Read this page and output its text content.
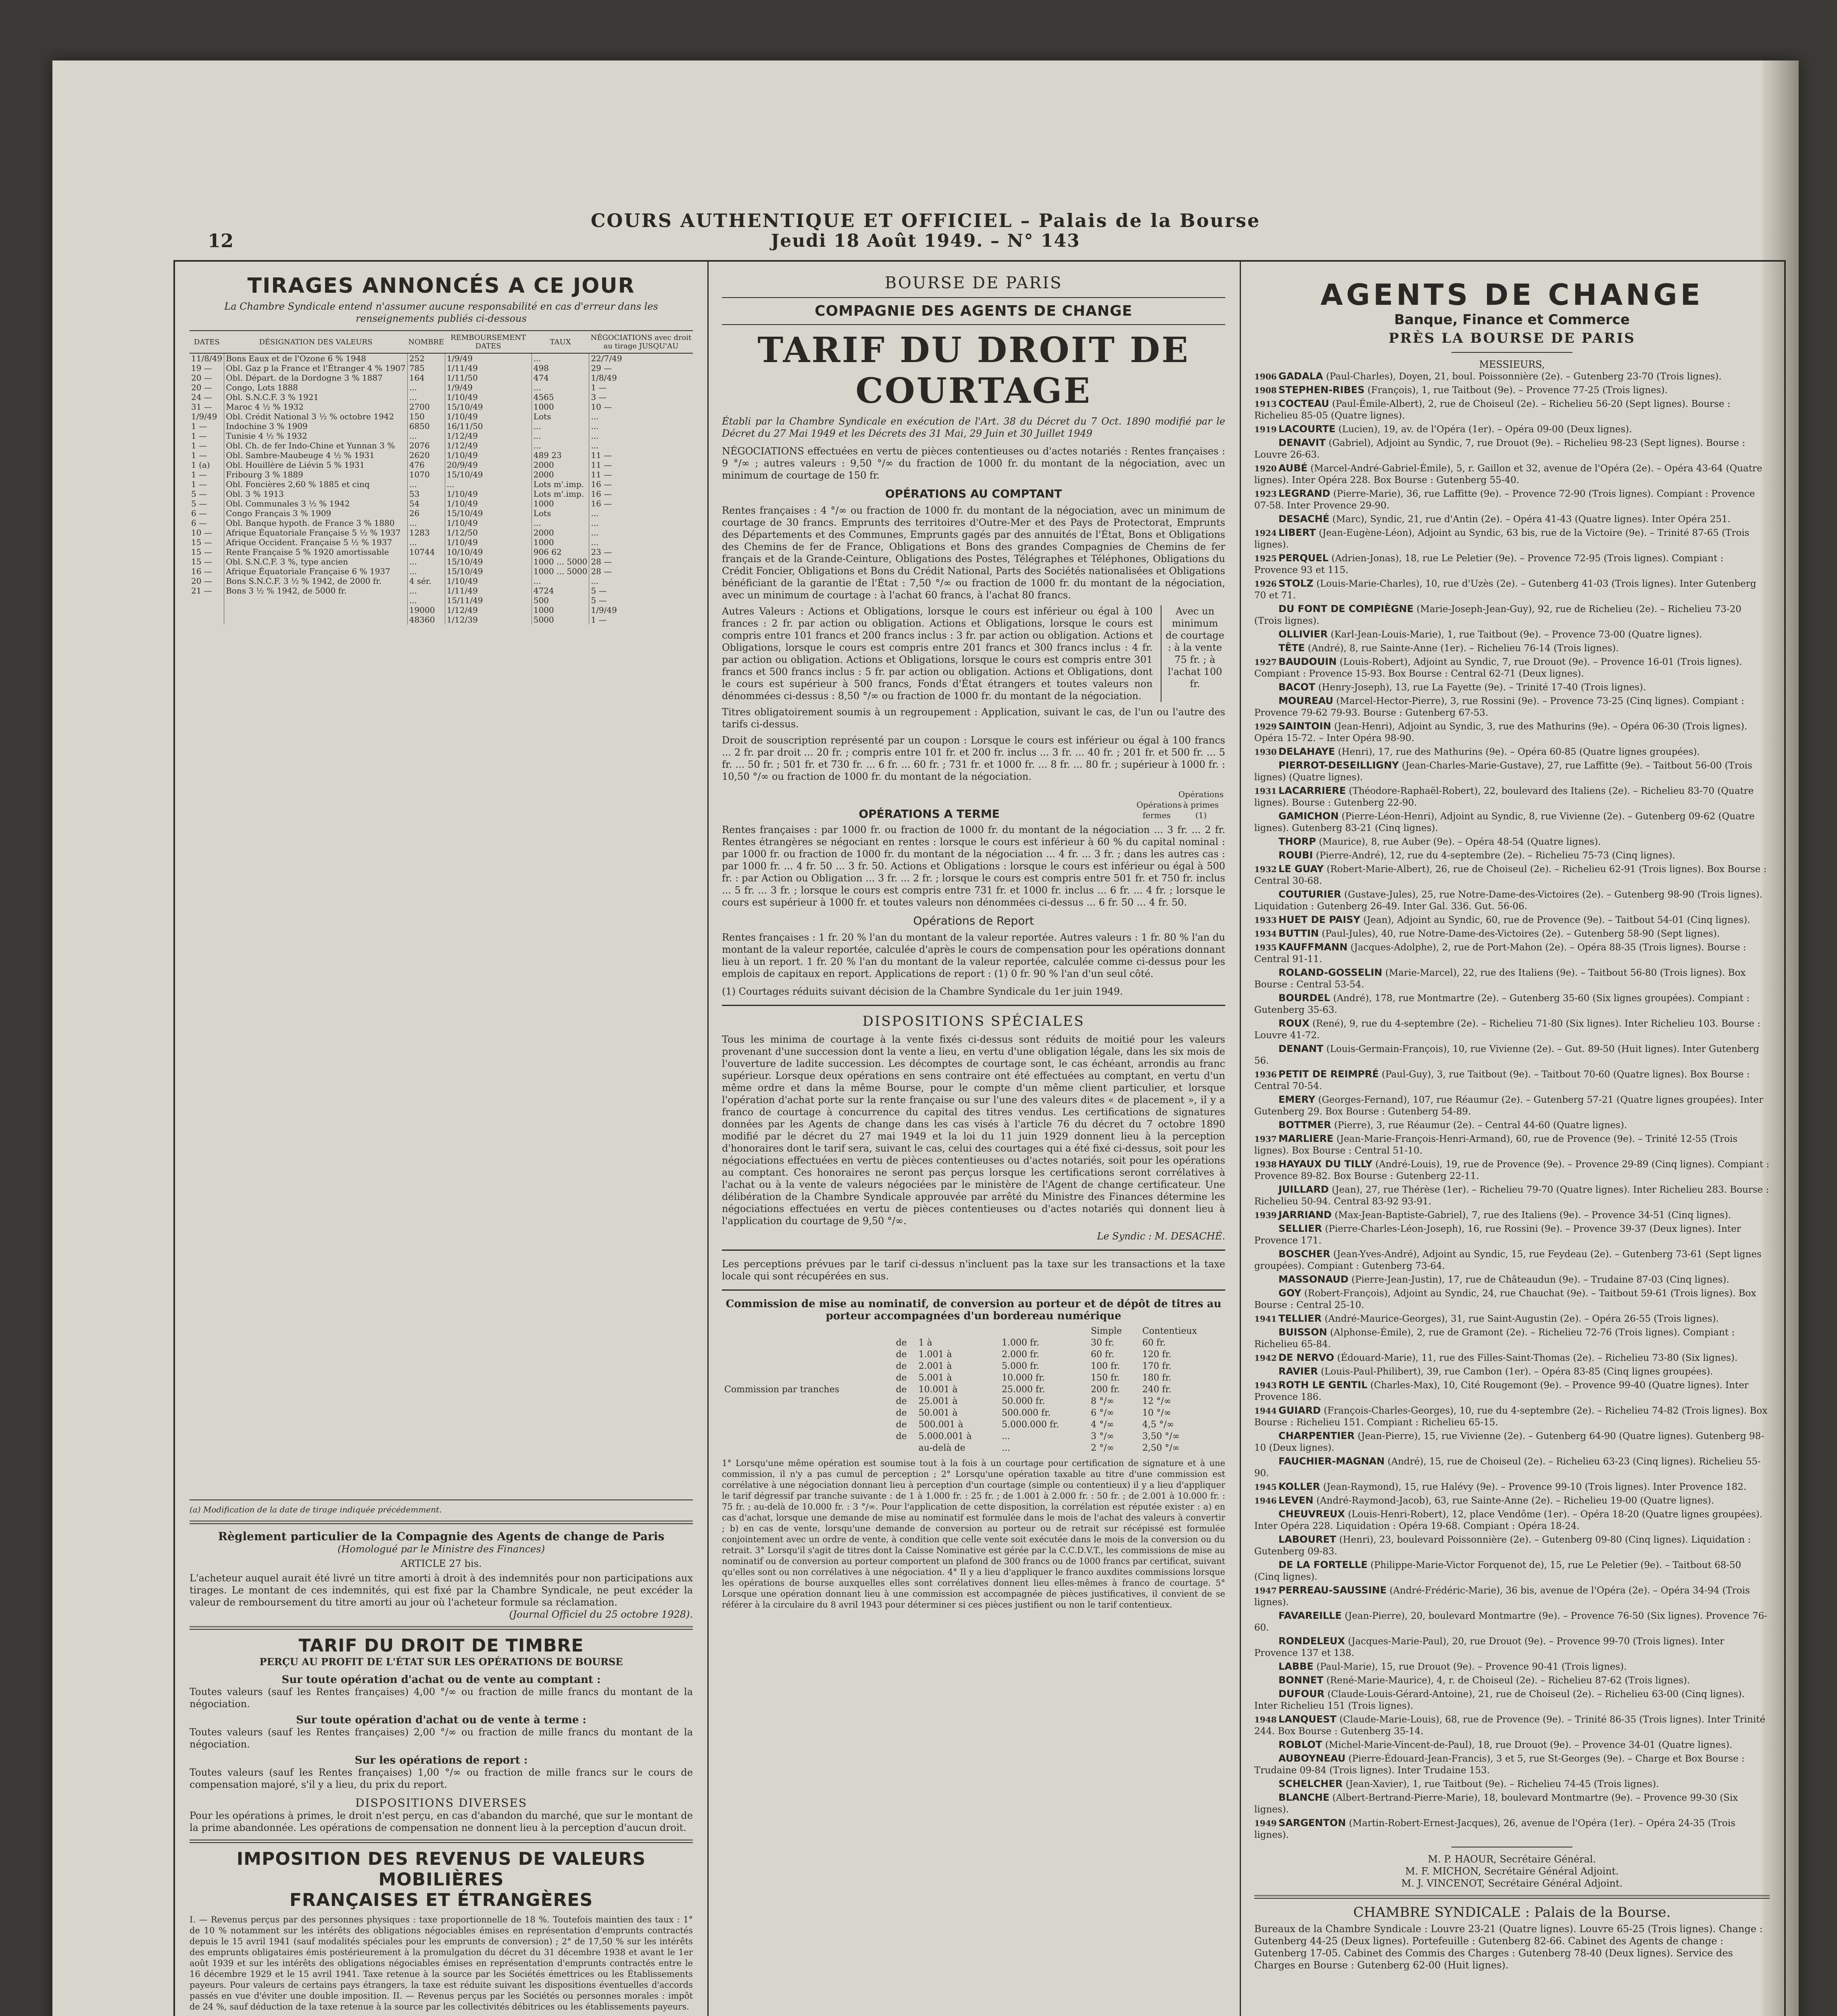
12
COURS AUTHENTIQUE ET OFFICIEL – Palais de la Bourse
Jeudi 18 Août 1949. – N° 143
TIRAGES ANNONCÉS A CE JOUR
La Chambre Syndicale entend n'assumer aucune responsabilité en cas d'erreur dans les renseignements publiés ci-dessous
DATES	DÉSIGNATION DES VALEURS	NOMBRE	REMBOURSEMENT DATES	TAUX	NÉGOCIATIONS avec droit au tirage JUSQU'AU
11/8/49	Bons Eaux et de l'Ozone 6 % 1948	252	1/9/49	...	22/7/49
19 —	Obl. Gaz p la France et l'Étranger 4 % 1907	785	1/11/49	498	29 —
20 —	Obl. Départ. de la Dordogne 3 % 1887	164	1/11/50	474	1/8/49
20 —	Congo, Lots 1888	...	1/9/49	...	1 —
24 —	Obl. S.N.C.F. 3 % 1921	...	1/10/49	4565	3 —
31 —	Maroc 4 ½ % 1932	2700	15/10/49	1000	10 —
1/9/49	Obl. Crédit National 3 ½ % octobre 1942	150	1/10/49	Lots	...
1 —	Indochine 3 % 1909	6850	16/11/50	...	...
1 —	Tunisie 4 ½ % 1932	...	1/12/49	...	...
1 —	Obl. Ch. de fer Indo-Chine et Yunnan 3 %	2076	1/12/49	...	...
1 —	Obl. Sambre-Maubeuge 4 ½ % 1931	2620	1/10/49	489 23	11 —
1 (a)	Obl. Houillère de Liévin 5 % 1931	476	20/9/49	2000	11 —
1 —	Fribourg 3 % 1889	1070	15/10/49	2000	11 —
1 —	Obl. Foncières 2,60 % 1885 et cinq	...	...	Lots m'.imp.	16 —
5 —	Obl. 3 % 1913	53	1/10/49	Lots m'.imp.	16 —
5 —	Obl. Communales 3 ½ % 1942	54	1/10/49	1000	16 —
6 —	Congo Français 3 % 1909	26	15/10/49	Lots	...
6 —	Obl. Banque hypoth. de France 3 % 1880	...	1/10/49	...	...
10 —	Afrique Équatoriale Française 5 ½ % 1937	1283	1/12/50	2000	...
15 —	Afrique Occident. Française 5 ½ % 1937	...	1/10/49	1000	...
15 —	Rente Française 5 % 1920 amortissable	10744	10/10/49	906 62	23 —
15 —	Obl. S.N.C.F. 3 %, type ancien	...	15/10/49	1000 ... 5000	28 —
16 —	Afrique Équatoriale Française 6 % 1937	...	15/10/49	1000 ... 5000	28 —
20 —	Bons S.N.C.F. 3 ½ % 1942, de 2000 fr.	4 sér.	1/10/49	...	...
21 —	Bons 3 ½ % 1942, de 5000 fr.	...	1/11/49	4724	5 —
		...	15/11/49	500	5 —
		19000	1/12/49	1000	1/9/49
		48360	1/12/39	5000	1 —
(a) Modification de la date de tirage indiquée précédemment.
Règlement particulier de la Compagnie des Agents de change de Paris
(Homologué par le Ministre des Finances)
ARTICLE 27 bis.
L'acheteur auquel aurait été livré un titre amorti à droit à des indemnités pour non participations aux tirages. Le montant de ces indemnités, qui est fixé par la Chambre Syndicale, ne peut excéder la valeur de remboursement du titre amorti au jour où l'acheteur formule sa réclamation.
(Journal Officiel du 25 octobre 1928).
TARIF DU DROIT DE TIMBRE
PERÇU AU PROFIT DE L'ÉTAT SUR LES OPÉRATIONS DE BOURSE
Sur toute opération d'achat ou de vente au comptant :
Toutes valeurs (sauf les Rentes françaises) 4,00 °/∞ ou fraction de mille francs du montant de la négociation.
Sur toute opération d'achat ou de vente à terme :
Toutes valeurs (sauf les Rentes françaises) 2,00 °/∞ ou fraction de mille francs du montant de la négociation.
Sur les opérations de report :
Toutes valeurs (sauf les Rentes françaises) 1,00 °/∞ ou fraction de mille francs sur le cours de compensation majoré, s'il y a lieu, du prix du report.
DISPOSITIONS DIVERSES
Pour les opérations à primes, le droit n'est perçu, en cas d'abandon du marché, que sur le montant de la prime abandonnée. Les opérations de compensation ne donnent lieu à la perception d'aucun droit.
IMPOSITION DES REVENUS DE VALEURS MOBILIÈRES
FRANÇAISES ET ÉTRANGÈRES
I. — Revenus perçus par des personnes physiques : taxe proportionnelle de 18 %. Toutefois maintien des taux : 1° de 10 % notamment sur les intérêts des obligations négociables émises en représentation d'emprunts contractés depuis le 15 avril 1941 (sauf modalités spéciales pour les emprunts de conversion) ; 2° de 17,50 % sur les intérêts des emprunts obligataires émis postérieurement à la promulgation du décret du 31 décembre 1938 et avant le 1er août 1939 et sur les intérêts des obligations négociables émises en représentation d'emprunts contractés entre le 16 décembre 1929 et le 15 avril 1941. Taxe retenue à la source par les Sociétés émettrices ou les Établissements payeurs. Pour valeurs de certains pays étrangers, la taxe est réduite suivant les dispositions éventuelles d'accords passés en vue d'éviter une double imposition. II. — Revenus perçus par les Sociétés ou personnes morales : impôt de 24 %, sauf déduction de la taxe retenue à la source par les collectivités débitrices ou les établissements payeurs.
BOURSE DE PARIS
COMPAGNIE DES AGENTS DE CHANGE
TARIF DU DROIT DE COURTAGE
Établi par la Chambre Syndicale en exécution de l'Art. 38 du Décret du 7 Oct. 1890 modifié par le Décret du 27 Mai 1949 et les Décrets des 31 Mai, 29 Juin et 30 Juillet 1949
NÉGOCIATIONS effectuées en vertu de pièces contentieuses ou d'actes notariés : Rentes françaises : 9 °/∞ ; autres valeurs : 9,50 °/∞ du fraction de 1000 fr. du montant de la négociation, avec un minimum de courtage de 150 fr.
OPÉRATIONS AU COMPTANT
Rentes françaises : 4 °/∞ ou fraction de 1000 fr. du montant de la négociation, avec un minimum de courtage de 30 francs. Emprunts des territoires d'Outre-Mer et des Pays de Protectorat, Emprunts des Départements et des Communes, Emprunts gagés par des annuités de l'État, Bons et Obligations des Chemins de fer de France, Obligations et Bons des grandes Compagnies de Chemins de fer français et de la Grande-Ceinture, Obligations des Postes, Télégraphes et Téléphones, Obligations du Crédit Foncier, Obligations et Bons du Crédit National, Parts des Sociétés nationalisées et Obligations bénéficiant de la garantie de l'État : 7,50 °/∞ ou fraction de 1000 fr. du montant de la négociation, avec un minimum de courtage : à l'achat 60 francs, à l'achat 80 francs.
Autres Valeurs : Actions et Obligations, lorsque le cours est inférieur ou égal à 100 frances : 2 fr. par action ou obligation. Actions et Obligations, lorsque le cours est compris entre 101 francs et 200 francs inclus : 3 fr. par action ou obligation. Actions et Obligations, lorsque le cours est compris entre 201 francs et 300 francs inclus : 4 fr. par action ou obligation. Actions et Obligations, lorsque le cours est compris entre 301 francs et 500 francs inclus : 5 fr. par action ou obligation. Actions et Obligations, dont le cours est supérieur à 500 francs, Fonds d'État étrangers et toutes valeurs non dénommées ci-dessus : 8,50 °/∞ ou fraction de 1000 fr. du montant de la négociation.
Avec un minimum de courtage : à la vente 75 fr. ; à l'achat 100 fr.
Titres obligatoirement soumis à un regroupement : Application, suivant le cas, de l'un ou l'autre des tarifs ci-dessus.
Droit de souscription représenté par un coupon : Lorsque le cours est inférieur ou égal à 100 francs ... 2 fr. par droit ... 20 fr. ; compris entre 101 fr. et 200 fr. inclus ... 3 fr. ... 40 fr. ; 201 fr. et 500 fr. ... 5 fr. ... 50 fr. ; 501 fr. et 730 fr. ... 6 fr. ... 60 fr. ; 731 fr. et 1000 fr. ... 8 fr. ... 80 fr. ; supérieur à 1000 fr. : 10,50 °/∞ ou fraction de 1000 fr. du montant de la négociation.
OPÉRATIONS A TERME
Opérations fermes
Opérations à primes (1)
Rentes françaises : par 1000 fr. ou fraction de 1000 fr. du montant de la négociation ... 3 fr. ... 2 fr. Rentes étrangères se négociant en rentes : lorsque le cours est inférieur à 60 % du capital nominal : par 1000 fr. ou fraction de 1000 fr. du montant de la négociation ... 4 fr. ... 3 fr. ; dans les autres cas : par 1000 fr. ... 4 fr. 50 ... 3 fr. 50. Actions et Obligations : lorsque le cours est inférieur ou égal à 500 fr. : par Action ou Obligation ... 3 fr. ... 2 fr. ; lorsque le cours est compris entre 501 fr. et 750 fr. inclus ... 5 fr. ... 3 fr. ; lorsque le cours est compris entre 731 fr. et 1000 fr. inclus ... 6 fr. ... 4 fr. ; lorsque le cours est supérieur à 1000 fr. et toutes valeurs non dénommées ci-dessus ... 6 fr. 50 ... 4 fr. 50.
Opérations de Report
Rentes françaises : 1 fr. 20 % l'an du montant de la valeur reportée. Autres valeurs : 1 fr. 80 % l'an du montant de la valeur reportée, calculée d'après le cours de compensation pour les opérations donnant lieu à un report. 1 fr. 20 % l'an du montant de la valeur reportée, calculée comme ci-dessus pour les emplois de capitaux en report. Applications de report : (1) 0 fr. 90 % l'an d'un seul côté.
(1) Courtages réduits suivant décision de la Chambre Syndicale du 1er juin 1949.
DISPOSITIONS SPÉCIALES
Tous les minima de courtage à la vente fixés ci-dessus sont réduits de moitié pour les valeurs provenant d'une succession dont la vente a lieu, en vertu d'une obligation légale, dans les six mois de l'ouverture de ladite succession. Les décomptes de courtage sont, le cas échéant, arrondis au franc supérieur. Lorsque deux opérations en sens contraire ont été effectuées au comptant, en vertu d'un même ordre et dans la même Bourse, pour le compte d'un même client particulier, et lorsque l'opération d'achat porte sur la rente française ou sur l'une des valeurs dites « de placement », il y a franco de courtage à concurrence du capital des titres vendus. Les certifications de signatures données par les Agents de change dans les cas visés à l'article 76 du décret du 7 octobre 1890 modifié par le décret du 27 mai 1949 et la loi du 11 juin 1929 donnent lieu à la perception d'honoraires dont le tarif sera, suivant le cas, celui des courtages qui a été fixé ci-dessus, soit pour les négociations effectuées en vertu de pièces contentieuses ou d'actes notariés, soit pour les opérations au comptant. Ces honoraires ne seront pas perçus lorsque les certifications seront corrélatives à l'achat ou à la vente de valeurs négociées par le ministère de l'Agent de change certificateur. Une délibération de la Chambre Syndicale approuvée par arrêté du Ministre des Finances détermine les négociations effectuées en vertu de pièces contentieuses ou d'actes notariés qui donnent lieu à l'application du courtage de 9,50 °/∞.
Le Syndic : M. DESACHÉ.
Les perceptions prévues par le tarif ci-dessus n'incluent pas la taxe sur les transactions et la taxe locale qui sont récupérées en sus.
Commission de mise au nominatif, de conversion au porteur et de dépôt de titres au porteur accompagnées d'un bordereau numérique
				Simple	Contentieux
	de	1 à	1.000 fr.	30 fr.	60 fr.
	de	1.001 à	2.000 fr.	60 fr.	120 fr.
	de	2.001 à	5.000 fr.	100 fr.	170 fr.
	de	5.001 à	10.000 fr.	150 fr.	180 fr.
Commission par tranches	de	10.001 à	25.000 fr.	200 fr.	240 fr.
	de	25.001 à	50.000 fr.	8 °/∞	12 °/∞
	de	50.001 à	500.000 fr.	6 °/∞	10 °/∞
	de	500.001 à	5.000.000 fr.	4 °/∞	4,5 °/∞
	de	5.000.001 à	...	3 °/∞	3,50 °/∞
		au-delà de	...	2 °/∞	2,50 °/∞
1° Lorsqu'une même opération est soumise tout à la fois à un courtage pour certification de signature et à une commission, il n'y a pas cumul de perception ; 2° Lorsqu'une opération taxable au titre d'une commission est corrélative à une négociation donnant lieu à perception d'un courtage (simple ou contentieux) il y a lieu d'appliquer le tarif dégressif par tranche suivante : de 1 à 1.000 fr. : 25 fr. ; de 1.001 à 2.000 fr. : 50 fr. ; de 2.001 à 10.000 fr. : 75 fr. ; au-delà de 10.000 fr. : 3 °/∞. Pour l'application de cette disposition, la corrélation est réputée exister : a) en cas d'achat, lorsque une demande de mise au nominatif est formulée dans le mois de l'achat des valeurs à convertir ; b) en cas de vente, lorsqu'une demande de conversion au porteur ou de retrait sur récépissé est formulée conjointement avec un ordre de vente, à condition que celle vente soit exécutée dans le mois de la conversion ou du retrait. 3° Lorsqu'il s'agit de titres dont la Caisse Nominative est gérée par la C.C.D.V.T., les commissions de mise au nominatif ou de conversion au porteur comportent un plafond de 300 francs ou de 1000 francs par certificat, suivant qu'elles sont ou non corrélatives à une négociation. 4° Il y a lieu d'appliquer le franco auxdites commissions lorsque les opérations de bourse auxquelles elles sont corrélatives donnent lieu elles-mêmes à franco de courtage. 5° Lorsque une opération donnant lieu à une commission est accompagnée de pièces justificatives, il convient de se référer à la circulaire du 8 avril 1943 pour déterminer si ces pièces justifient ou non le tarif contentieux.
AGENTS DE CHANGE
Banque, Finance et Commerce
PRÈS LA BOURSE DE PARIS
MESSIEURS,
1906 GADALA (Paul-Charles), Doyen, 21, boul. Poissonnière (2e). – Gutenberg 23-70 (Trois lignes).
1908 STEPHEN-RIBES (François), 1, rue Taitbout (9e). – Provence 77-25 (Trois lignes).
1913 COCTEAU (Paul-Émile-Albert), 2, rue de Choiseul (2e). – Richelieu 56-20 (Sept lignes). Bourse : Richelieu 85-05 (Quatre lignes).
1919 LACOURTE (Lucien), 19, av. de l'Opéra (1er). – Opéra 09-00 (Deux lignes).
DENAVIT (Gabriel), Adjoint au Syndic, 7, rue Drouot (9e). – Richelieu 98-23 (Sept lignes). Bourse : Louvre 26-63.
1920 AUBÉ (Marcel-André-Gabriel-Émile), 5, r. Gaillon et 32, avenue de l'Opéra (2e). – Opéra 43-64 (Quatre lignes). Inter Opéra 228. Box Bourse : Gutenberg 55-40.
1923 LEGRAND (Pierre-Marie), 36, rue Laffitte (9e). – Provence 72-90 (Trois lignes). Compiant : Provence 07-58. Inter Provence 29-90.
DESACHÉ (Marc), Syndic, 21, rue d'Antin (2e). – Opéra 41-43 (Quatre lignes). Inter Opéra 251.
1924 LIBERT (Jean-Eugène-Léon), Adjoint au Syndic, 63 bis, rue de la Victoire (9e). – Trinité 87-65 (Trois lignes).
1925 PERQUEL (Adrien-Jonas), 18, rue Le Peletier (9e). – Provence 72-95 (Trois lignes). Compiant : Provence 93 et 115.
1926 STOLZ (Louis-Marie-Charles), 10, rue d'Uzès (2e). – Gutenberg 41-03 (Trois lignes). Inter Gutenberg 70 et 71.
DU FONT DE COMPIÈGNE (Marie-Joseph-Jean-Guy), 92, rue de Richelieu (2e). – Richelieu 73-20 (Trois lignes).
OLLIVIER (Karl-Jean-Louis-Marie), 1, rue Taitbout (9e). – Provence 73-00 (Quatre lignes).
TÊTE (André), 8, rue Sainte-Anne (1er). – Richelieu 76-14 (Trois lignes).
1927 BAUDOUIN (Louis-Robert), Adjoint au Syndic, 7, rue Drouot (9e). – Provence 16-01 (Trois lignes). Compiant : Provence 15-93. Box Bourse : Central 62-71 (Deux lignes).
BACOT (Henry-Joseph), 13, rue La Fayette (9e). – Trinité 17-40 (Trois lignes).
MOUREAU (Marcel-Hector-Pierre), 3, rue Rossini (9e). – Provence 73-25 (Cinq lignes). Compiant : Provence 79-62 79-93. Bourse : Gutenberg 67-53.
1929 SAINTOIN (Jean-Henri), Adjoint au Syndic, 3, rue des Mathurins (9e). – Opéra 06-30 (Trois lignes). Opéra 15-72. – Inter Opéra 98-90.
1930 DELAHAYE (Henri), 17, rue des Mathurins (9e). – Opéra 60-85 (Quatre lignes groupées).
PIERROT-DESEILLIGNY (Jean-Charles-Marie-Gustave), 27, rue Laffitte (9e). – Taitbout 56-00 (Trois lignes) (Quatre lignes).
1931 LACARRIERE (Théodore-Raphaël-Robert), 22, boulevard des Italiens (2e). – Richelieu 83-70 (Quatre lignes). Bourse : Gutenberg 22-90.
GAMICHON (Pierre-Léon-Henri), Adjoint au Syndic, 8, rue Vivienne (2e). – Gutenberg 09-62 (Quatre lignes). Gutenberg 83-21 (Cinq lignes).
THORP (Maurice), 8, rue Auber (9e). – Opéra 48-54 (Quatre lignes).
ROUBI (Pierre-André), 12, rue du 4-septembre (2e). – Richelieu 75-73 (Cinq lignes).
1932 LE GUAY (Robert-Marie-Albert), 26, rue de Choiseul (2e). – Richelieu 62-91 (Trois lignes). Box Bourse : Central 30-68.
COUTURIER (Gustave-Jules), 25, rue Notre-Dame-des-Victoires (2e). – Gutenberg 98-90 (Trois lignes). Liquidation : Gutenberg 26-49. Inter Gal. 336. Gut. 56-06.
1933 HUET DE PAISY (Jean), Adjoint au Syndic, 60, rue de Provence (9e). – Taitbout 54-01 (Cinq lignes).
1934 BUTTIN (Paul-Jules), 40, rue Notre-Dame-des-Victoires (2e). – Gutenberg 58-90 (Sept lignes).
1935 KAUFFMANN (Jacques-Adolphe), 2, rue de Port-Mahon (2e). – Opéra 88-35 (Trois lignes). Bourse : Central 91-11.
ROLAND-GOSSELIN (Marie-Marcel), 22, rue des Italiens (9e). – Taitbout 56-80 (Trois lignes). Box Bourse : Central 53-54.
BOURDEL (André), 178, rue Montmartre (2e). – Gutenberg 35-60 (Six lignes groupées). Compiant : Gutenberg 35-63.
ROUX (René), 9, rue du 4-septembre (2e). – Richelieu 71-80 (Six lignes). Inter Richelieu 103. Bourse : Louvre 41-72.
DENANT (Louis-Germain-François), 10, rue Vivienne (2e). – Gut. 89-50 (Huit lignes). Inter Gutenberg 56.
1936 PETIT DE REIMPRÉ (Paul-Guy), 3, rue Taitbout (9e). – Taitbout 70-60 (Quatre lignes). Box Bourse : Central 70-54.
EMERY (Georges-Fernand), 107, rue Réaumur (2e). – Gutenberg 57-21 (Quatre lignes groupées). Inter Gutenberg 29. Box Bourse : Gutenberg 54-89.
BOTTMER (Pierre), 3, rue Réaumur (2e). – Central 44-60 (Quatre lignes).
1937 MARLIERE (Jean-Marie-François-Henri-Armand), 60, rue de Provence (9e). – Trinité 12-55 (Trois lignes). Box Bourse : Central 51-10.
1938 HAYAUX DU TILLY (André-Louis), 19, rue de Provence (9e). – Provence 29-89 (Cinq lignes). Compiant : Provence 89-82. Box Bourse : Gutenberg 22-11.
JUILLARD (Jean), 27, rue Thérèse (1er). – Richelieu 79-70 (Quatre lignes). Inter Richelieu 283. Bourse : Richelieu 50-94. Central 83-92 93-91.
1939 JARRIAND (Max-Jean-Baptiste-Gabriel), 7, rue des Italiens (9e). – Provence 34-51 (Cinq lignes).
SELLIER (Pierre-Charles-Léon-Joseph), 16, rue Rossini (9e). – Provence 39-37 (Deux lignes). Inter Provence 171.
BOSCHER (Jean-Yves-André), Adjoint au Syndic, 15, rue Feydeau (2e). – Gutenberg 73-61 (Sept lignes groupées). Compiant : Gutenberg 73-64.
MASSONAUD (Pierre-Jean-Justin), 17, rue de Châteaudun (9e). – Trudaine 87-03 (Cinq lignes).
GOY (Robert-François), Adjoint au Syndic, 24, rue Chauchat (9e). – Taitbout 59-61 (Trois lignes). Box Bourse : Central 25-10.
1941 TELLIER (André-Maurice-Georges), 31, rue Saint-Augustin (2e). – Opéra 26-55 (Trois lignes).
BUISSON (Alphonse-Émile), 2, rue de Gramont (2e). – Richelieu 72-76 (Trois lignes). Compiant : Richelieu 65-84.
1942 DE NERVO (Édouard-Marie), 11, rue des Filles-Saint-Thomas (2e). – Richelieu 73-80 (Six lignes).
RAVIER (Louis-Paul-Philibert), 39, rue Cambon (1er). – Opéra 83-85 (Cinq lignes groupées).
1943 ROTH LE GENTIL (Charles-Max), 10, Cité Rougemont (9e). – Provence 99-40 (Quatre lignes). Inter Provence 186.
1944 GUIARD (François-Charles-Georges), 10, rue du 4-septembre (2e). – Richelieu 74-82 (Trois lignes). Box Bourse : Richelieu 151. Compiant : Richelieu 65-15.
CHARPENTIER (Jean-Pierre), 15, rue Vivienne (2e). – Gutenberg 64-90 (Quatre lignes). Gutenberg 98-10 (Deux lignes).
FAUCHIER-MAGNAN (André), 15, rue de Choiseul (2e). – Richelieu 63-23 (Cinq lignes). Richelieu 55-90.
1945 KOLLER (Jean-Raymond), 15, rue Halévy (9e). – Provence 99-10 (Trois lignes). Inter Provence 182.
1946 LEVEN (André-Raymond-Jacob), 63, rue Sainte-Anne (2e). – Richelieu 19-00 (Quatre lignes).
CHEUVREUX (Louis-Henri-Robert), 12, place Vendôme (1er). – Opéra 18-20 (Quatre lignes groupées). Inter Opéra 228. Liquidation : Opéra 19-68. Compiant : Opéra 18-24.
LABOURET (Henri), 23, boulevard Poissonnière (2e). – Gutenberg 09-80 (Cinq lignes). Liquidation : Gutenberg 09-83.
DE LA FORTELLE (Philippe-Marie-Victor Forquenot de), 15, rue Le Peletier (9e). – Taitbout 68-50 (Cinq lignes).
1947 PERREAU-SAUSSINE (André-Frédéric-Marie), 36 bis, avenue de l'Opéra (2e). – Opéra 34-94 (Trois lignes).
FAVAREILLE (Jean-Pierre), 20, boulevard Montmartre (9e). – Provence 76-50 (Six lignes). Provence 76-60.
RONDELEUX (Jacques-Marie-Paul), 20, rue Drouot (9e). – Provence 99-70 (Trois lignes). Inter Provence 137 et 138.
LABBE (Paul-Marie), 15, rue Drouot (9e). – Provence 90-41 (Trois lignes).
BONNET (René-Marie-Maurice), 4, r. de Choiseul (2e). – Richelieu 87-62 (Trois lignes).
DUFOUR (Claude-Louis-Gérard-Antoine), 21, rue de Choiseul (2e). – Richelieu 63-00 (Cinq lignes). Inter Richelieu 151 (Trois lignes).
1948 LANQUEST (Claude-Marie-Louis), 68, rue de Provence (9e). – Trinité 86-35 (Trois lignes). Inter Trinité 244. Box Bourse : Gutenberg 35-14.
ROBLOT (Michel-Marie-Vincent-de-Paul), 18, rue Drouot (9e). – Provence 34-01 (Quatre lignes).
AUBOYNEAU (Pierre-Édouard-Jean-Francis), 3 et 5, rue St-Georges (9e). – Charge et Box Bourse : Trudaine 09-84 (Trois lignes). Inter Trudaine 153.
SCHELCHER (Jean-Xavier), 1, rue Taitbout (9e). – Richelieu 74-45 (Trois lignes).
BLANCHE (Albert-Bertrand-Pierre-Marie), 18, boulevard Montmartre (9e). – Provence 99-30 (Six lignes).
1949 SARGENTON (Martin-Robert-Ernest-Jacques), 26, avenue de l'Opéra (1er). – Opéra 24-35 (Trois lignes).
M. P. HAOUR, Secrétaire Général.
M. F. MICHON, Secrétaire Général Adjoint.
M. J. VINCENOT, Secrétaire Général Adjoint.
CHAMBRE SYNDICALE : Palais de la Bourse.
Bureaux de la Chambre Syndicale : Louvre 23-21 (Quatre lignes). Louvre 65-25 (Trois lignes). Change : Gutenberg 44-25 (Deux lignes). Portefeuille : Gutenberg 82-66. Cabinet des Agents de change : Gutenberg 17-05. Cabinet des Commis des Charges : Gutenberg 78-40 (Deux lignes). Service des Charges en Bourse : Gutenberg 62-00 (Huit lignes).
